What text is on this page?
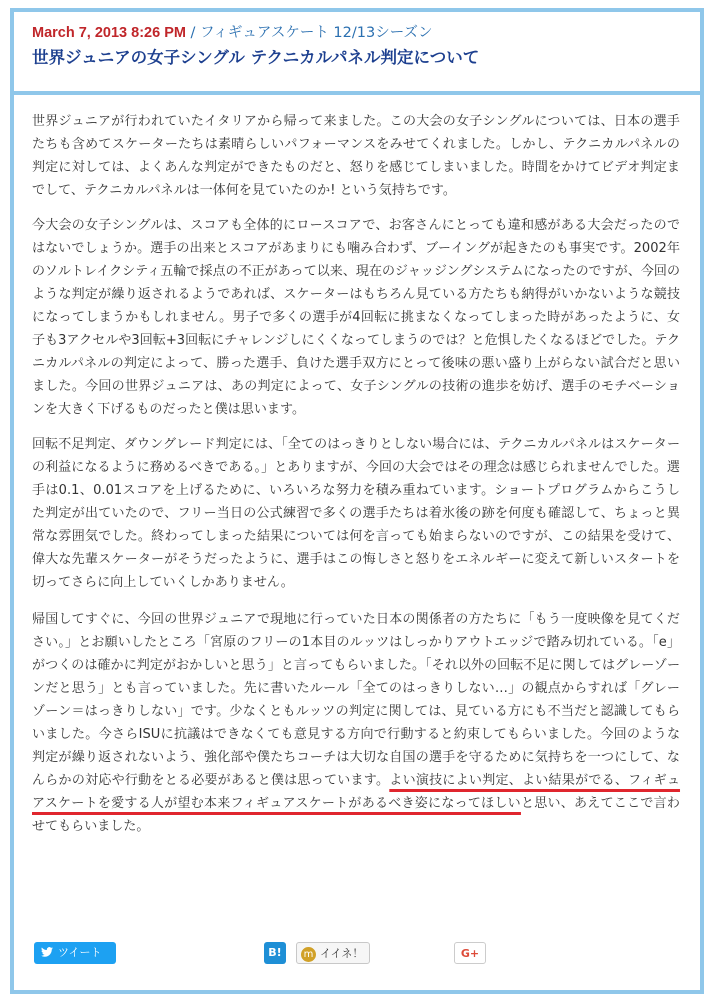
March 7, 2013 8:26 PM / フィギュアスケート 12/13シーズン
世界ジュニアの女子シングル テクニカルパネル判定について

世界ジュニアが行われていたイタリアから帰って来ました。この大会の女子シングルについては、日本の選手たちも含めてスケーターたちは素晴らしいパフォーマンスをみせてくれました。しかし、テクニカルパネルの判定に対しては、よくあんな判定ができたものだと、怒りを感じてしまいました。時間をかけてビデオ判定までして、テクニカルパネルは一体何を見ていたのか! という気持ちです。

今大会の女子シングルは、スコアも全体的にロースコアで、お客さんにとっても違和感がある大会だったのではないでしょうか。選手の出来とスコアがあまりにも噛み合わず、ブーイングが起きたのも事実です。2002年のソルトレイクシティ五輪で採点の不正があって以来、現在のジャッジングシステムになったのですが、今回のような判定が繰り返されるようであれば、スケーターはもちろん見ている方たちも納得がいかないような競技になってしまうかもしれません。男子で多くの選手が4回転に挑まなくなってしまった時があったように、女子も3アクセルや3回転+3回転にチャレンジしにくくなってしまうのでは？と危惧したくなるほどでした。テクニカルパネルの判定によって、勝った選手、負けた選手双方にとって後味の悪い盛り上がらない試合だと思いました。今回の世界ジュニアは、あの判定によって、女子シングルの技術の進歩を妨げ、選手のモチベーションを大きく下げるものだったと僕は思います。

回転不足判定、ダウングレード判定には、「全てのはっきりとしない場合には、テクニカルパネルはスケーターの利益になるように務めるべきである。」とありますが、今回の大会ではその理念は感じられませんでした。選手は0.1、0.01スコアを上げるために、いろいろな努力を積み重ねています。ショートプログラムからこうした判定が出ていたので、フリー当日の公式練習で多くの選手たちは着氷後の跡を何度も確認して、ちょっと異常な雰囲気でした。終わってしまった結果については何を言っても始まらないのですが、この結果を受けて、偉大な先輩スケーターがそうだったように、選手はこの悔しさと怒りをエネルギーに変えて新しいスタートを切ってさらに向上していくしかありません。

帰国してすぐに、今回の世界ジュニアで現地に行っていた日本の関係者の方たちに「もう一度映像を見てください。」とお願いしたところ「宮原のフリーの1本目のルッツはしっかりアウトエッジで踏み切れている。「e」がつくのは確かに判定がおかしいと思う」と言ってもらいました。「それ以外の回転不足に関してはグレーゾーンだと思う」とも言っていました。先に書いたルール「全てのはっきりしない…」の観点からすれば「グレーゾーン＝はっきりしない」です。少なくともルッツの判定に関しては、見ている方にも不当だと認識してもらいました。今さらISUに抗議はできなくても意見する方向で行動すると約束してもらいました。今回のような判定が繰り返されないよう、強化部や僕たちコーチは大切な自国の選手を守るために気持ちを一つにして、なんらかの対応や行動をとる必要があると僕は思っています。よい演技によい判定、よい結果がでる、フィギュアスケートを愛する人が望む本来フィギュアスケートがあるべき姿になってほしいと思い、あえてここで言わせてもらいました。

ツイート	B!	m イイネ！	G+
